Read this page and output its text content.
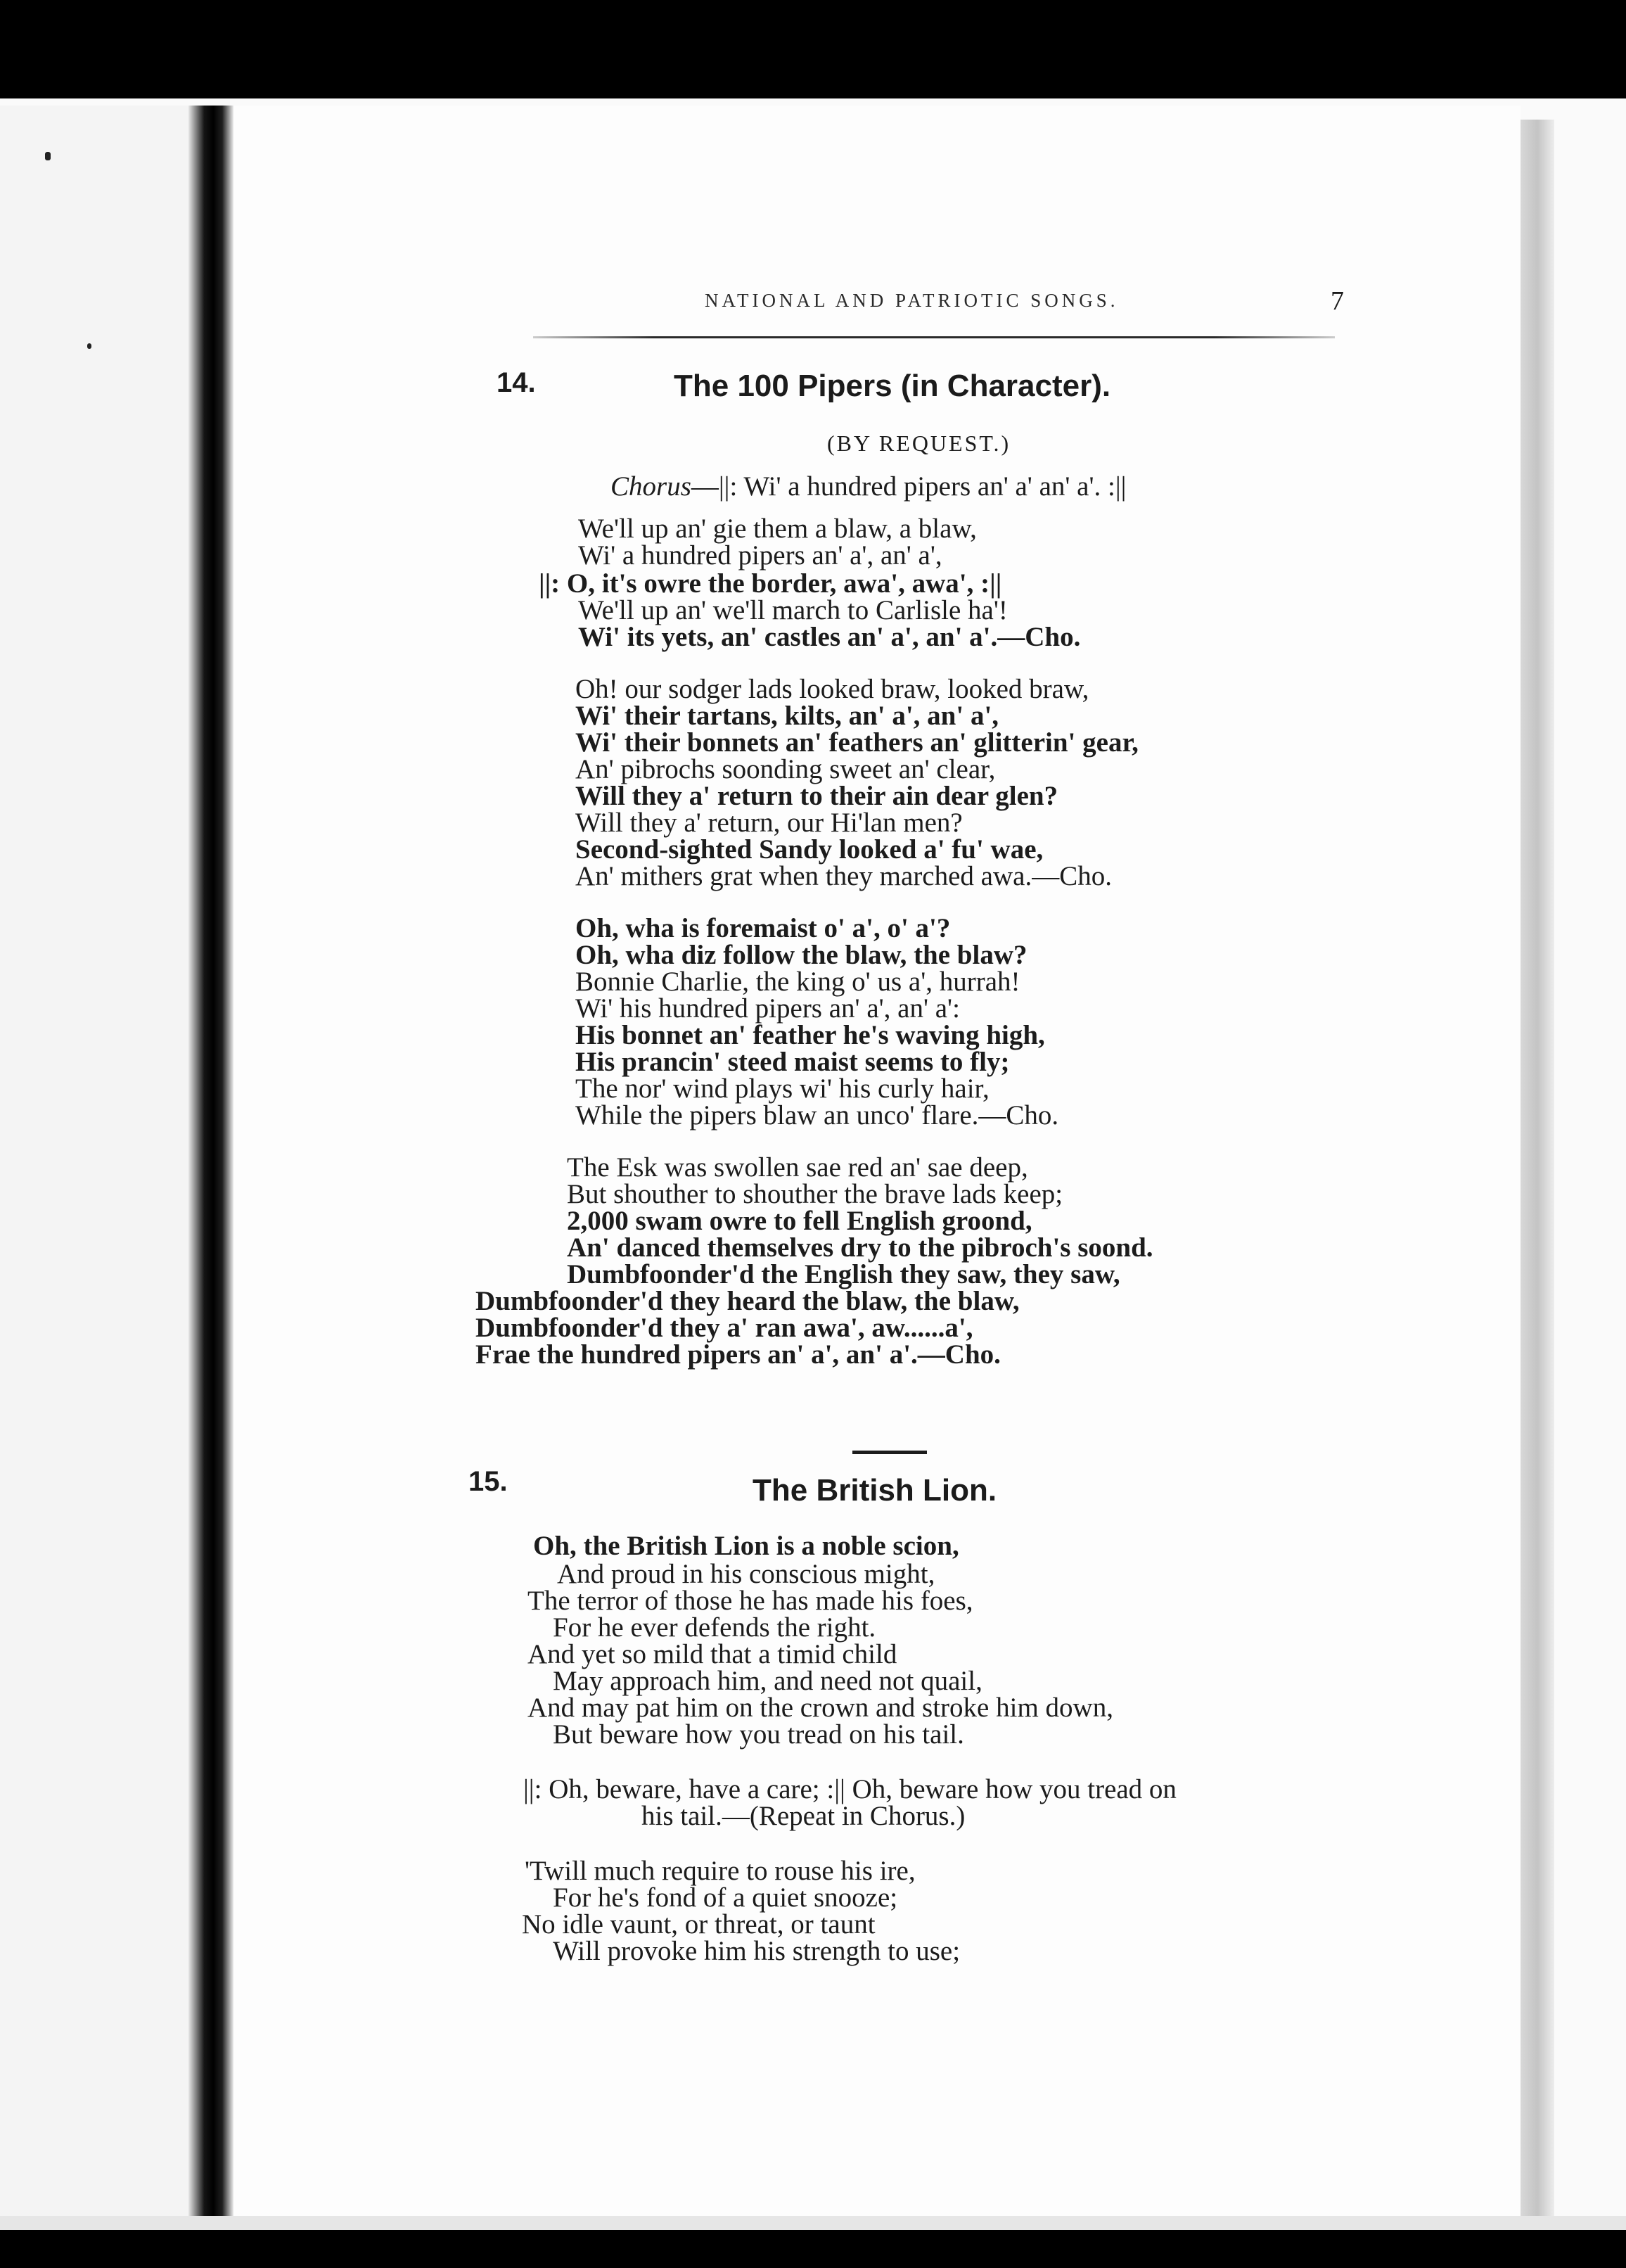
NATIONAL AND PATRIOTIC SONGS.	7
14.	The 100 Pipers (in Character).
(BY REQUEST.)
Chorus—||: Wi' a hundred pipers an' a' an' a'. :||
We'll up an' gie them a blaw, a blaw,
Wi' a hundred pipers an' a', an' a',
||: O, it's owre the border, awa', awa', :||
We'll up an' we'll march to Carlisle ha'!
Wi' its yets, an' castles an' a', an' a'.—Cho.
Oh! our sodger lads looked braw, looked braw,
Wi' their tartans, kilts, an' a', an' a',
Wi' their bonnets an' feathers an' glitterin' gear,
An' pibrochs soonding sweet an' clear,
Will they a' return to their ain dear glen?
Will they a' return, our Hi'lan men?
Second-sighted Sandy looked a' fu' wae,
An' mithers grat when they marched awa.—Cho.
Oh, wha is foremaist o' a', o' a'?
Oh, wha diz follow the blaw, the blaw?
Bonnie Charlie, the king o' us a', hurrah!
Wi' his hundred pipers an' a', an' a':
His bonnet an' feather he's waving high,
His prancin' steed maist seems to fly;
The nor' wind plays wi' his curly hair,
While the pipers blaw an unco' flare.—Cho.
The Esk was swollen sae red an' sae deep,
But shouther to shouther the brave lads keep;
2,000 swam owre to fell English groond,
An' danced themselves dry to the pibroch's soond.
Dumbfoonder'd the English they saw, they saw,
Dumbfoonder'd they heard the blaw, the blaw,
Dumbfoonder'd they a' ran awa', aw......a',
Frae the hundred pipers an' a', an' a'.—Cho.
15.	The British Lion.
Oh, the British Lion is a noble scion,
And proud in his conscious might,
The terror of those he has made his foes,
For he ever defends the right.
And yet so mild that a timid child
May approach him, and need not quail,
And may pat him on the crown and stroke him down,
But beware how you tread on his tail.
||: Oh, beware, have a care; :|| Oh, beware how you tread on
his tail.—(Repeat in Chorus.)
'Twill much require to rouse his ire,
For he's fond of a quiet snooze;
No idle vaunt, or threat, or taunt
Will provoke him his strength to use;
